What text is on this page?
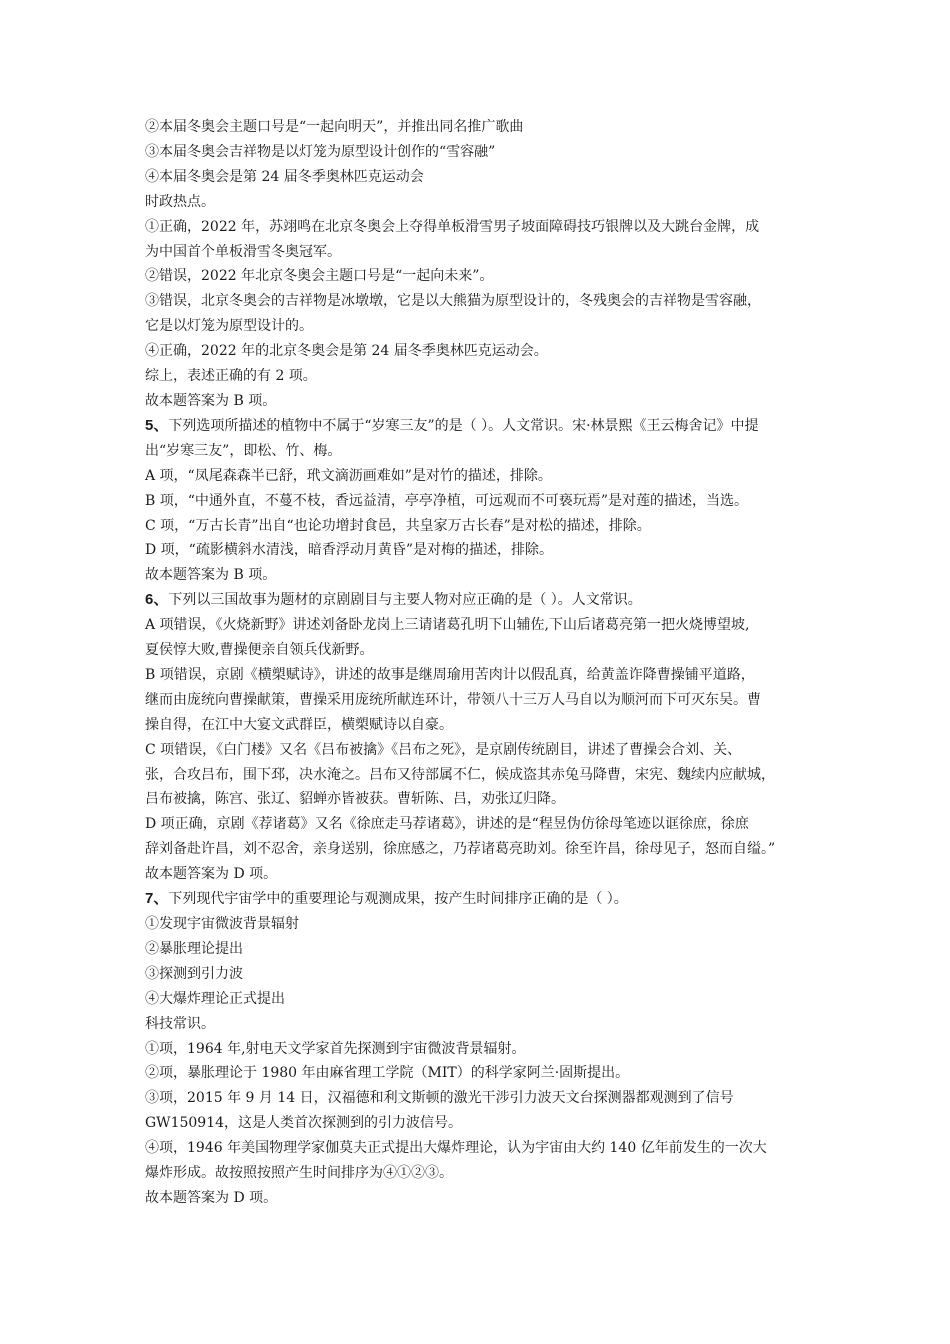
②本届冬奥会主题口号是“一起向明天”，并推出同名推广歌曲
③本届冬奥会吉祥物是以灯笼为原型设计创作的“雪容融”
④本届冬奥会是第 24 届冬季奥林匹克运动会
时政热点。
①正确，2022 年，苏翊鸣在北京冬奥会上夺得单板滑雪男子坡面障碍技巧银牌以及大跳台金牌，成
为中国首个单板滑雪冬奥冠军。
②错误，2022 年北京冬奥会主题口号是“一起向未来”。
③错误，北京冬奥会的吉祥物是冰墩墩，它是以大熊猫为原型设计的，冬残奥会的吉祥物是雪容融，
它是以灯笼为原型设计的。
④正确，2022 年的北京冬奥会是第 24 届冬季奥林匹克运动会。
综上，表述正确的有 2 项。
故本题答案为 B 项。
5、下列选项所描述的植物中不属于“岁寒三友”的是（ ）。人文常识。宋·林景熙《王云梅舍记》中提
出“岁寒三友”，即松、竹、梅。
A 项，“凤尾森森半已舒，玳文滴沥画难如”是对竹的描述，排除。
B 项，“中通外直，不蔓不枝，香远益清，亭亭净植，可远观而不可亵玩焉”是对莲的描述，当选。
C 项，“万古长青”出自“也论功增封食邑，共皇家万古长春”是对松的描述，排除。
D 项，“疏影横斜水清浅，暗香浮动月黄昏”是对梅的描述，排除。
故本题答案为 B 项。
6、下列以三国故事为题材的京剧剧目与主要人物对应正确的是（ ）。人文常识。
A 项错误，《火烧新野》讲述刘备卧龙岗上三请诸葛孔明下山辅佐,下山后诸葛亮第一把火烧博望坡,
夏侯惇大败,曹操便亲自领兵伐新野。
B 项错误，京剧《横槊赋诗》，讲述的故事是继周瑜用苦肉计以假乱真，给黄盖诈降曹操铺平道路，
继而由庞统向曹操献策，曹操采用庞统所献连环计，带领八十三万人马自以为顺河而下可灭东吴。曹
操自得，在江中大宴文武群臣，横槊赋诗以自豪。
C 项错误，《白门楼》又名《吕布被擒》《吕布之死》，是京剧传统剧目，讲述了曹操会合刘、关、
张，合攻吕布，围下邳，决水淹之。吕布又待部属不仁，候成盗其赤兔马降曹，宋宪、魏续内应献城，
吕布被擒，陈宫、张辽、貂蝉亦皆被获。曹斩陈、吕，劝张辽归降。
D 项正确，京剧《荐诸葛》又名《徐庶走马荐诸葛》，讲述的是“程昱伪仿徐母笔迹以诓徐庶，徐庶
辞刘备赴许昌，刘不忍舍，亲身送别，徐庶感之，乃荐诸葛亮助刘。徐至许昌，徐母见子，怒而自缢。”
故本题答案为 D 项。
7、下列现代宇宙学中的重要理论与观测成果，按产生时间排序正确的是（ ）。
①发现宇宙微波背景辐射
②暴胀理论提出
③探测到引力波
④大爆炸理论正式提出
科技常识。
①项，1964 年,射电天文学家首先探测到宇宙微波背景辐射。
②项，暴胀理论于 1980 年由麻省理工学院（MIT）的科学家阿兰·固斯提出。
③项，2015 年 9 月 14 日，汉福德和利文斯顿的激光干涉引力波天文台探测器都观测到了信号
GW150914，这是人类首次探测到的引力波信号。
④项，1946 年美国物理学家伽莫夫正式提出大爆炸理论，认为宇宙由大约 140 亿年前发生的一次大
爆炸形成。故按照按照产生时间排序为④①②③。
故本题答案为 D 项。
